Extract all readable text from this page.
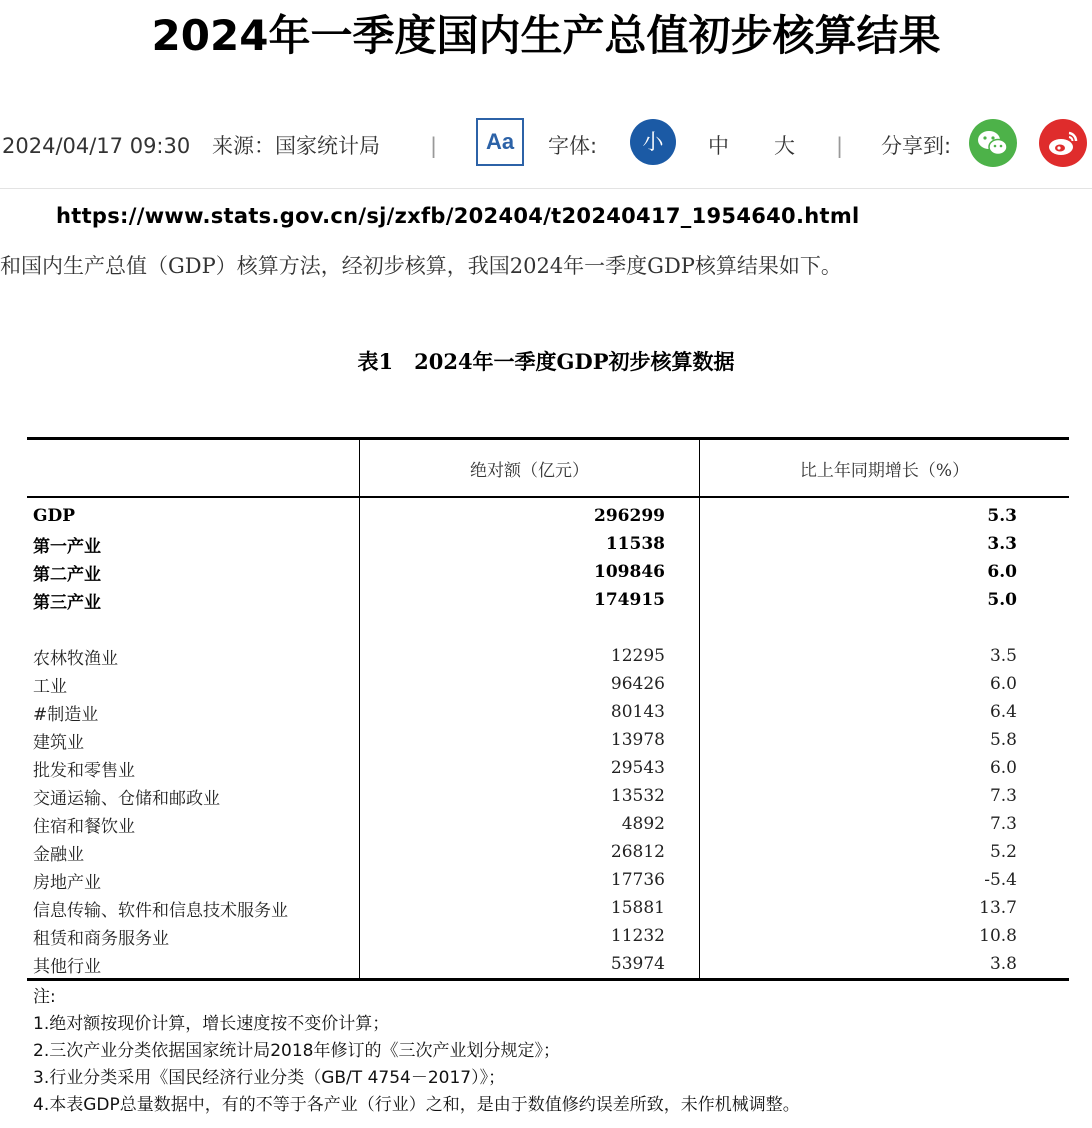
2024年一季度国内生产总值初步核算结果
2024/04/17 09:30 来源：国家统计局 |	Aa	字体:	小	中 大 | 分享到:
https://www.stats.gov.cn/sj/zxfb/202404/t20240417_1954640.html
和国内生产总值（GDP）核算方法，经初步核算，我国2024年一季度GDP核算结果如下。
表1　2024年一季度GDP初步核算数据
	绝对额（亿元）	比上年同期增长（%）
GDP	296299	5.3
第一产业	11538	3.3
第二产业	109846	6.0
第三产业	174915	5.0

农林牧渔业	12295	3.5
工业	96426	6.0
#制造业	80143	6.4
建筑业	13978	5.8
批发和零售业	29543	6.0
交通运输、仓储和邮政业	13532	7.3
住宿和餐饮业	4892	7.3
金融业	26812	5.2
房地产业	17736	-5.4
信息传输、软件和信息技术服务业	15881	13.7
租赁和商务服务业	11232	10.8
其他行业	53974	3.8
注:
1.绝对额按现价计算，增长速度按不变价计算；
2.三次产业分类依据国家统计局2018年修订的《三次产业划分规定》；
3.行业分类采用《国民经济行业分类（GB/T 4754－2017）》；
4.本表GDP总量数据中，有的不等于各产业（行业）之和，是由于数值修约误差所致，未作机械调整。
